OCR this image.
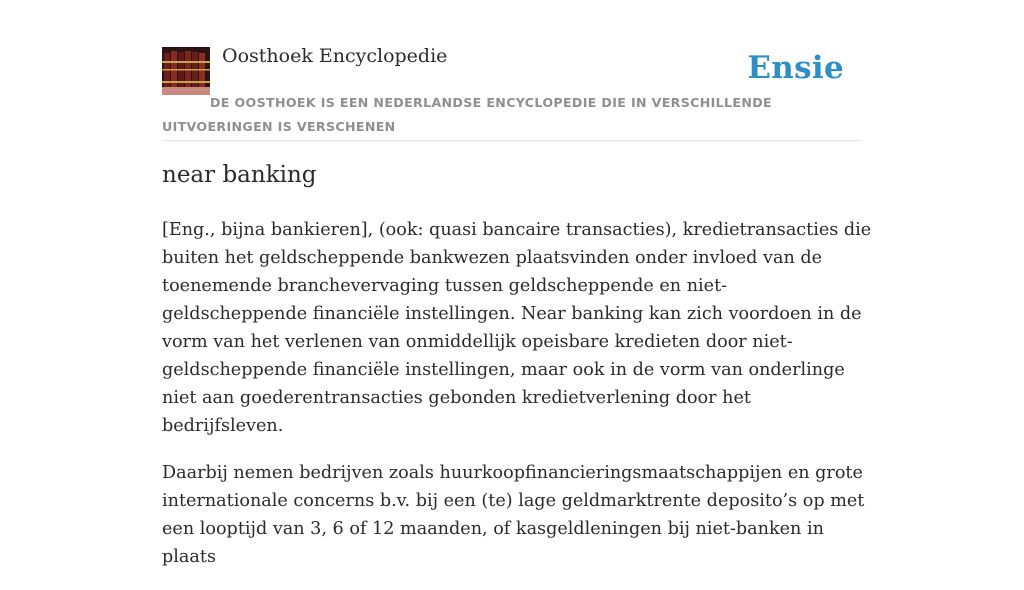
Oosthoek Encyclopedie	Ensie
DE OOSTHOEK IS EEN NEDERLANDSE ENCYCLOPEDIE DIE IN VERSCHILLENDE UITVOERINGEN IS VERSCHENEN
near banking

[Eng., bijna bankieren], (ook: quasi bancaire transacties), kredietransacties die buiten het geldscheppende bankwezen plaatsvinden onder invloed van de toenemende branchevervaging tussen geldscheppende en niet-geldscheppende financiële instellingen. Near banking kan zich voordoen in de vorm van het verlenen van onmiddellijk opeisbare kredieten door niet-geldscheppende financiële instellingen, maar ook in de vorm van onderlinge niet aan goederentransacties gebonden kredietverlening door het bedrijfsleven.

Daarbij nemen bedrijven zoals huurkoopfinancieringsmaatschappijen en grote internationale concerns b.v. bij een (te) lage geldmarktrente deposito’s op met een looptijd van 3, 6 of 12 maanden, of kasgeldleningen bij niet-banken in plaats
